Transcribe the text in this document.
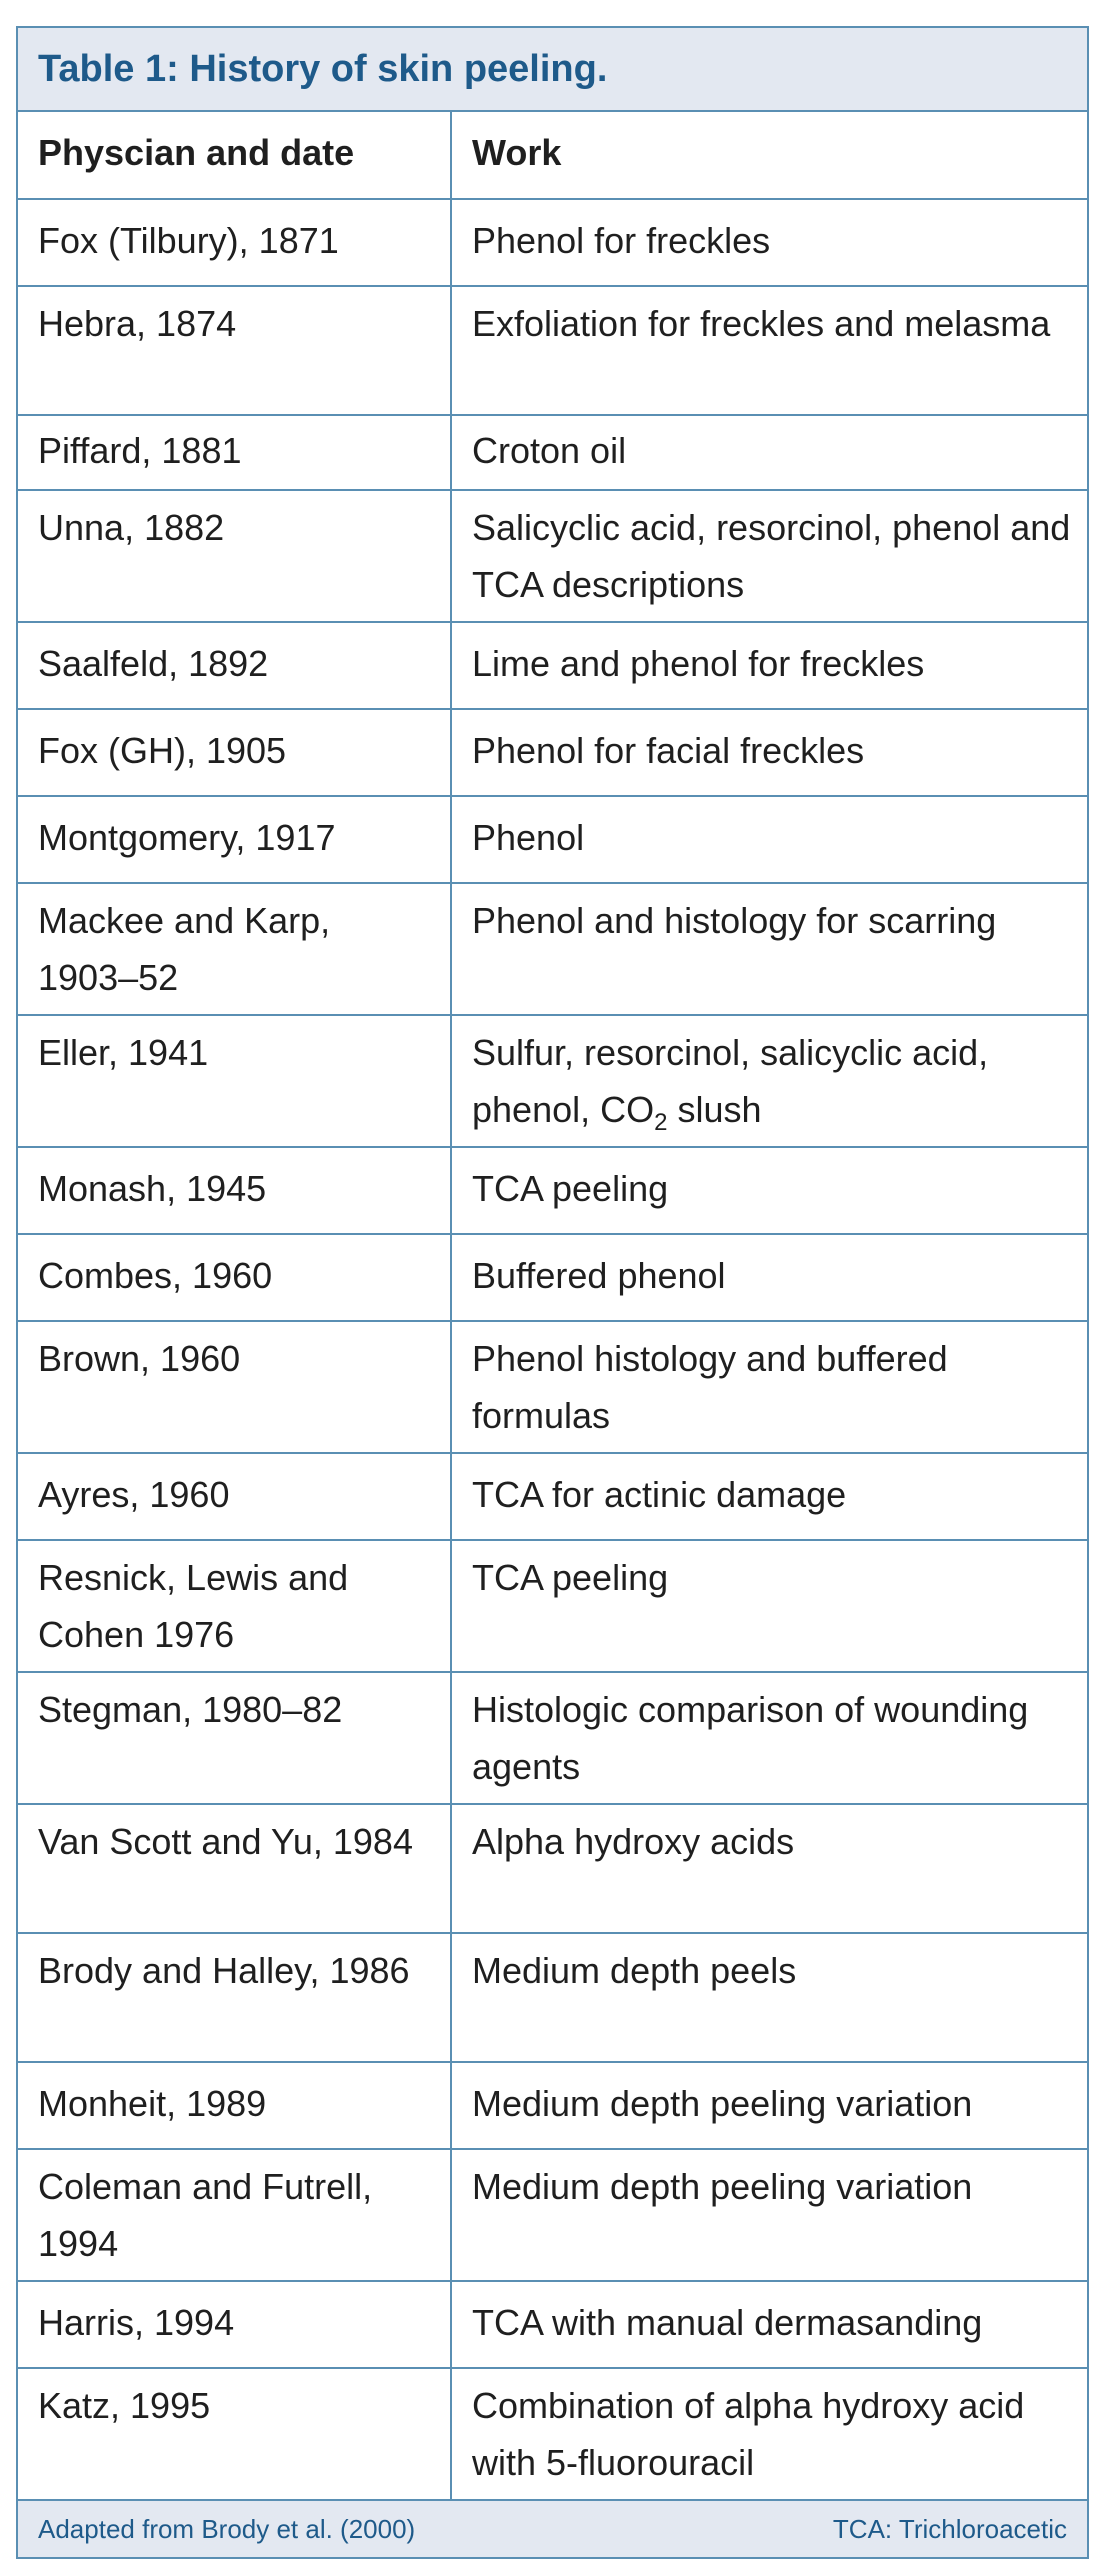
Table 1: History of skin peeling.
Physcian and date	Work
Fox (Tilbury), 1871	Phenol for freckles
Hebra, 1874	Exfoliation for freckles and melasma
Piffard, 1881	Croton oil
Unna, 1882	Salicyclic acid, resorcinol, phenol and TCA descriptions
Saalfeld, 1892	Lime and phenol for freckles
Fox (GH), 1905	Phenol for facial freckles
Montgomery, 1917	Phenol
Mackee and Karp, 1903–52	Phenol and histology for scarring
Eller, 1941	Sulfur, resorcinol, salicyclic acid, phenol, $CO_2$ slush
Monash, 1945	TCA peeling
Combes, 1960	Buffered phenol
Brown, 1960	Phenol histology and buffered formulas
Ayres, 1960	TCA for actinic damage
Resnick, Lewis and Cohen 1976	TCA peeling
Stegman, 1980–82	Histologic comparison of wounding agents
Van Scott and Yu, 1984	Alpha hydroxy acids
Brody and Halley, 1986	Medium depth peels
Monheit, 1989	Medium depth peeling variation
Coleman and Futrell, 1994	Medium depth peeling variation
Harris, 1994	TCA with manual dermasanding
Katz, 1995	Combination of alpha hydroxy acid with 5-fluorouracil
Adapted from Brody et al. (2000)	TCA: Trichloroacetic
